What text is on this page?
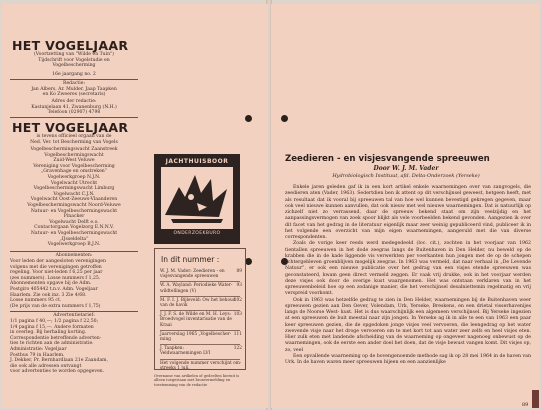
HET VOGELJAAR
(Voortzetting van "Wilde en Tuin")
Tijdschrift voor Vogelstudie en
Vogelbescherming
16e jaargang no. 2
Redactie:
Jan Albers, Ar. Mulder, Jaap Taapken
en Ko Zweeres (secretaris)
Adres der redactie:
Kastanjelaan 41, Zwanenburg (N.H.)
Telefoon (02907) 4798
HET VOGELJAAR
is tevens officieel orgaan van de
Ned. Ver. tot Bescherming van Vogels
Vogelbeschermingswacht Zaanstreek
Vogelbeschermingswacht
Zuid-West Veluwe
Vereniging voor Vogelbescherming
„Gravenhage en omstreken”
Vogelwerkgroep N.J.N.
Vogelwacht Utrecht
Vogelbeschermingswacht Limburg
Vogelwacht C.J.N.
Vogelwacht Oost-Zeeuws-Vlaanderen
Vogelbeschermingswacht Noord-Veluwe
Natuur- en Vogelbeschermingswacht
Pinacker
Vogelwacht Delft e.o.
Contactorgaan Vogelzorg E.N.N.V.
Natuur- en Vogelbeschermingswacht
„IJsseldelta”
Vogelwerkgroep B.J.N.
Abonnementen:
Voor leden der aangesloten verenigingen
volgens met die verenigingen getroffen
regeling. Voor niet-leden f 6,25 per jaar
(zes nummers). Losse nummers f 1,25.
Abonnementen opgave bij de Adm.
Postgiro 405442 t.n.v. Adm. Vogeljaar
Haarlem. Zie ook inz. 3 Zie 4/68.
Losse nummers 95 ct.
(De prijs van de extra nummers f 1,75)
Advertentietarief:
1/1 pagina f 40,—; 1/2 pagina f 22,50;
1/4 pagina f 15,—. Andere formaten
in overleg. Bij herhaling korting.
Correspondentie betreffende adverten-
ties te richten aan de administratie.
Administratie: Vogeljaar
Postbus 79 in Haarlem.
J. Dekker, Pr. Bernhardlaan 21e Zaandam,
die ook alle adressen ontvangt
voor advertenties te worden opgegeven.
JACHTHUISBOOR
ONDERZOEKBURO
In dit nummer :
W. J. M. Vader: Zeedieren - en
visjesvangende spreeuwen
89
W. A. Wayland: Periodieke Water-
wildtellingen (V)
93
M. F. I. J. Bijleveld: Ow het behoud
van de havik
102
J. J. F. S. de Wilde en M. H. Leys:
Broedvogel inventarisatie van de
Kraai
103
Jaarverslag 1965 „Vogelbescher-
ming
111
J. Taapken:
Veldwaarnemingen LVI
122
Het volgende nummer verschijnt om-
streeks 1 juli.
Overname van artikelen of gedeelten hieruit is alleen toegestaan met bronvermelding en toestemming van de redactie
Zeedieren - en visjesvangende spreeuwen
Door W. J. M. Vader
Hydrobiologisch Instituut, afd. Delta-Onderzoek (Yerseke)

Enkele jaren geleden gaf ik in een kort artikel enkele waarnemingen over van zangvogels, die zeedieren aten (Vader, 1963). Sedertdien ben ik attent op dit verschijnsel geweest, hetgeen heeft, met als resultaat dat ik vooral bij spreeuwen tal van hoe wel kunnen bevestigd gekregen gegeven, maar ook veel nieuwe kunnen aanvullen, dat ook nieuw met wel nieuwe waarnemingen. Dat is natuurlijk op zichzelf niet zo verrassend, daar de spreeuw bekend staat om zijn veelzijdig en het aanpassingsvermogen van zoek spoor blijkt als vele voorbeelden bekend gevonden. Aangezien ik over dit facet van het gedrag in de literatuur eigenlijk maar zeer weinig gepubliceerd vind, publiceer ik in het volgende een overzicht van mijn eigen waarnemingen, aangevuld met die van diverse correspondenten.

Zoals de vorige keer reeds werd medegedeeld (loc. cit.), zochten in het voorjaar van 1962 tientallen spreeuwen in het dode zeegras langs de Buitenhaven in Den Helder, nu beweld op de krabben die in de kade liggende vis verwerkten per voerkanten hun jongen met de op de schepen achtergebleven groenblijven mogelijk zeegras. In 1963 was vermeld, dat naar verhaal in „De Levende Natuur”, er ook een nieuwe publicatie over het gedrag van een visjes etende spreeuwen was geconstateerd, kwam geen direct vermeld zeggen. Er vaak vrij drukke, ook in het voorjaar werden deze visjes ook door de overige kust waargenomen. Het was ontstaan verklaren van in het spreeuwenbeleid hoe op een zodanige manier, die het verschijnsel desalniettemin regelmatig en vrij verspreid voorkomt.

Ook in 1963 was hetzelfde gedrag te zien in Den Helder, waarnemingen bij de Buitenhaven weer spreeuwen gezien aan Den Oever, Volendam, Urk, Yerseke, Breskens, en een drietal visserhavenijes langs de Noorse West- kust. Het is dus waarschijnlijk een algemeen verschijnsel. Bij Yerseke ingezien at een spreeuwen de buit meestal naar zijn jongen. In Yerseke ag ik in alle te een van 1963 een paar keer spreeuwen gezien, die de opgedoken jonge visjes veel vervoeren, die leengedrag op het water zwevende visje naar het droge vervoeren om te met kort tot aan water zeer zelfs en heel visjes eten. Hier zulk eten met landende afscheiding van de waarneming op ongeveer nagenoeg onbewust op de waarnemingen, ook de eerste een ander doel het doen, dat de visje bewust vangen komt. Dit visjes op, zo, veel

Een opvallende waarneming op de bovengenoemde methode sag ik op 28 mei 1964 in de haven van Urk. In de haven waren meer spreeuwen bijeen en een aanzienlijke

89
